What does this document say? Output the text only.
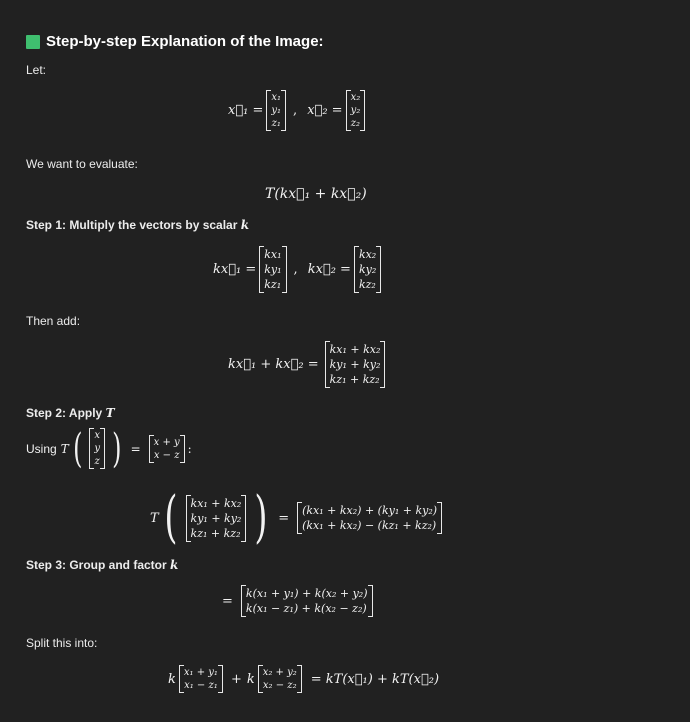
Step-by-step Explanation of the Image:
Let:
x⃗₁ =
x₁
y₁
z₁
, x⃗₂ =
x₂
y₂
z₂
We want to evaluate:
T(kx⃗₁ + kx⃗₂)
Step 1: Multiply the vectors by scalar k
kx⃗₁ =
kx₁
ky₁
kz₁
, kx⃗₂ =
kx₂
ky₂
kz₂
Then add:
kx⃗₁ + kx⃗₂ =
kx₁ + kx₂
ky₁ + ky₂
kz₁ + kz₂
Step 2: Apply T
Using T ( x
y
z ) = x + y
x − z :
T ( kx₁ + kx₂
ky₁ + ky₂
kz₁ + kz₂ ) = (kx₁ + kx₂) + (ky₁ + ky₂)
(kx₁ + kx₂) − (kz₁ + kz₂)
Step 3: Group and factor k
= k(x₁ + y₁) + k(x₂ + y₂)
k(x₁ − z₁) + k(x₂ − z₂)
Split this into:
k x₁ + y₁
x₁ − z₁ + k x₂ + y₂
x₂ − z₂ = kT(x⃗₁) + kT(x⃗₂)
